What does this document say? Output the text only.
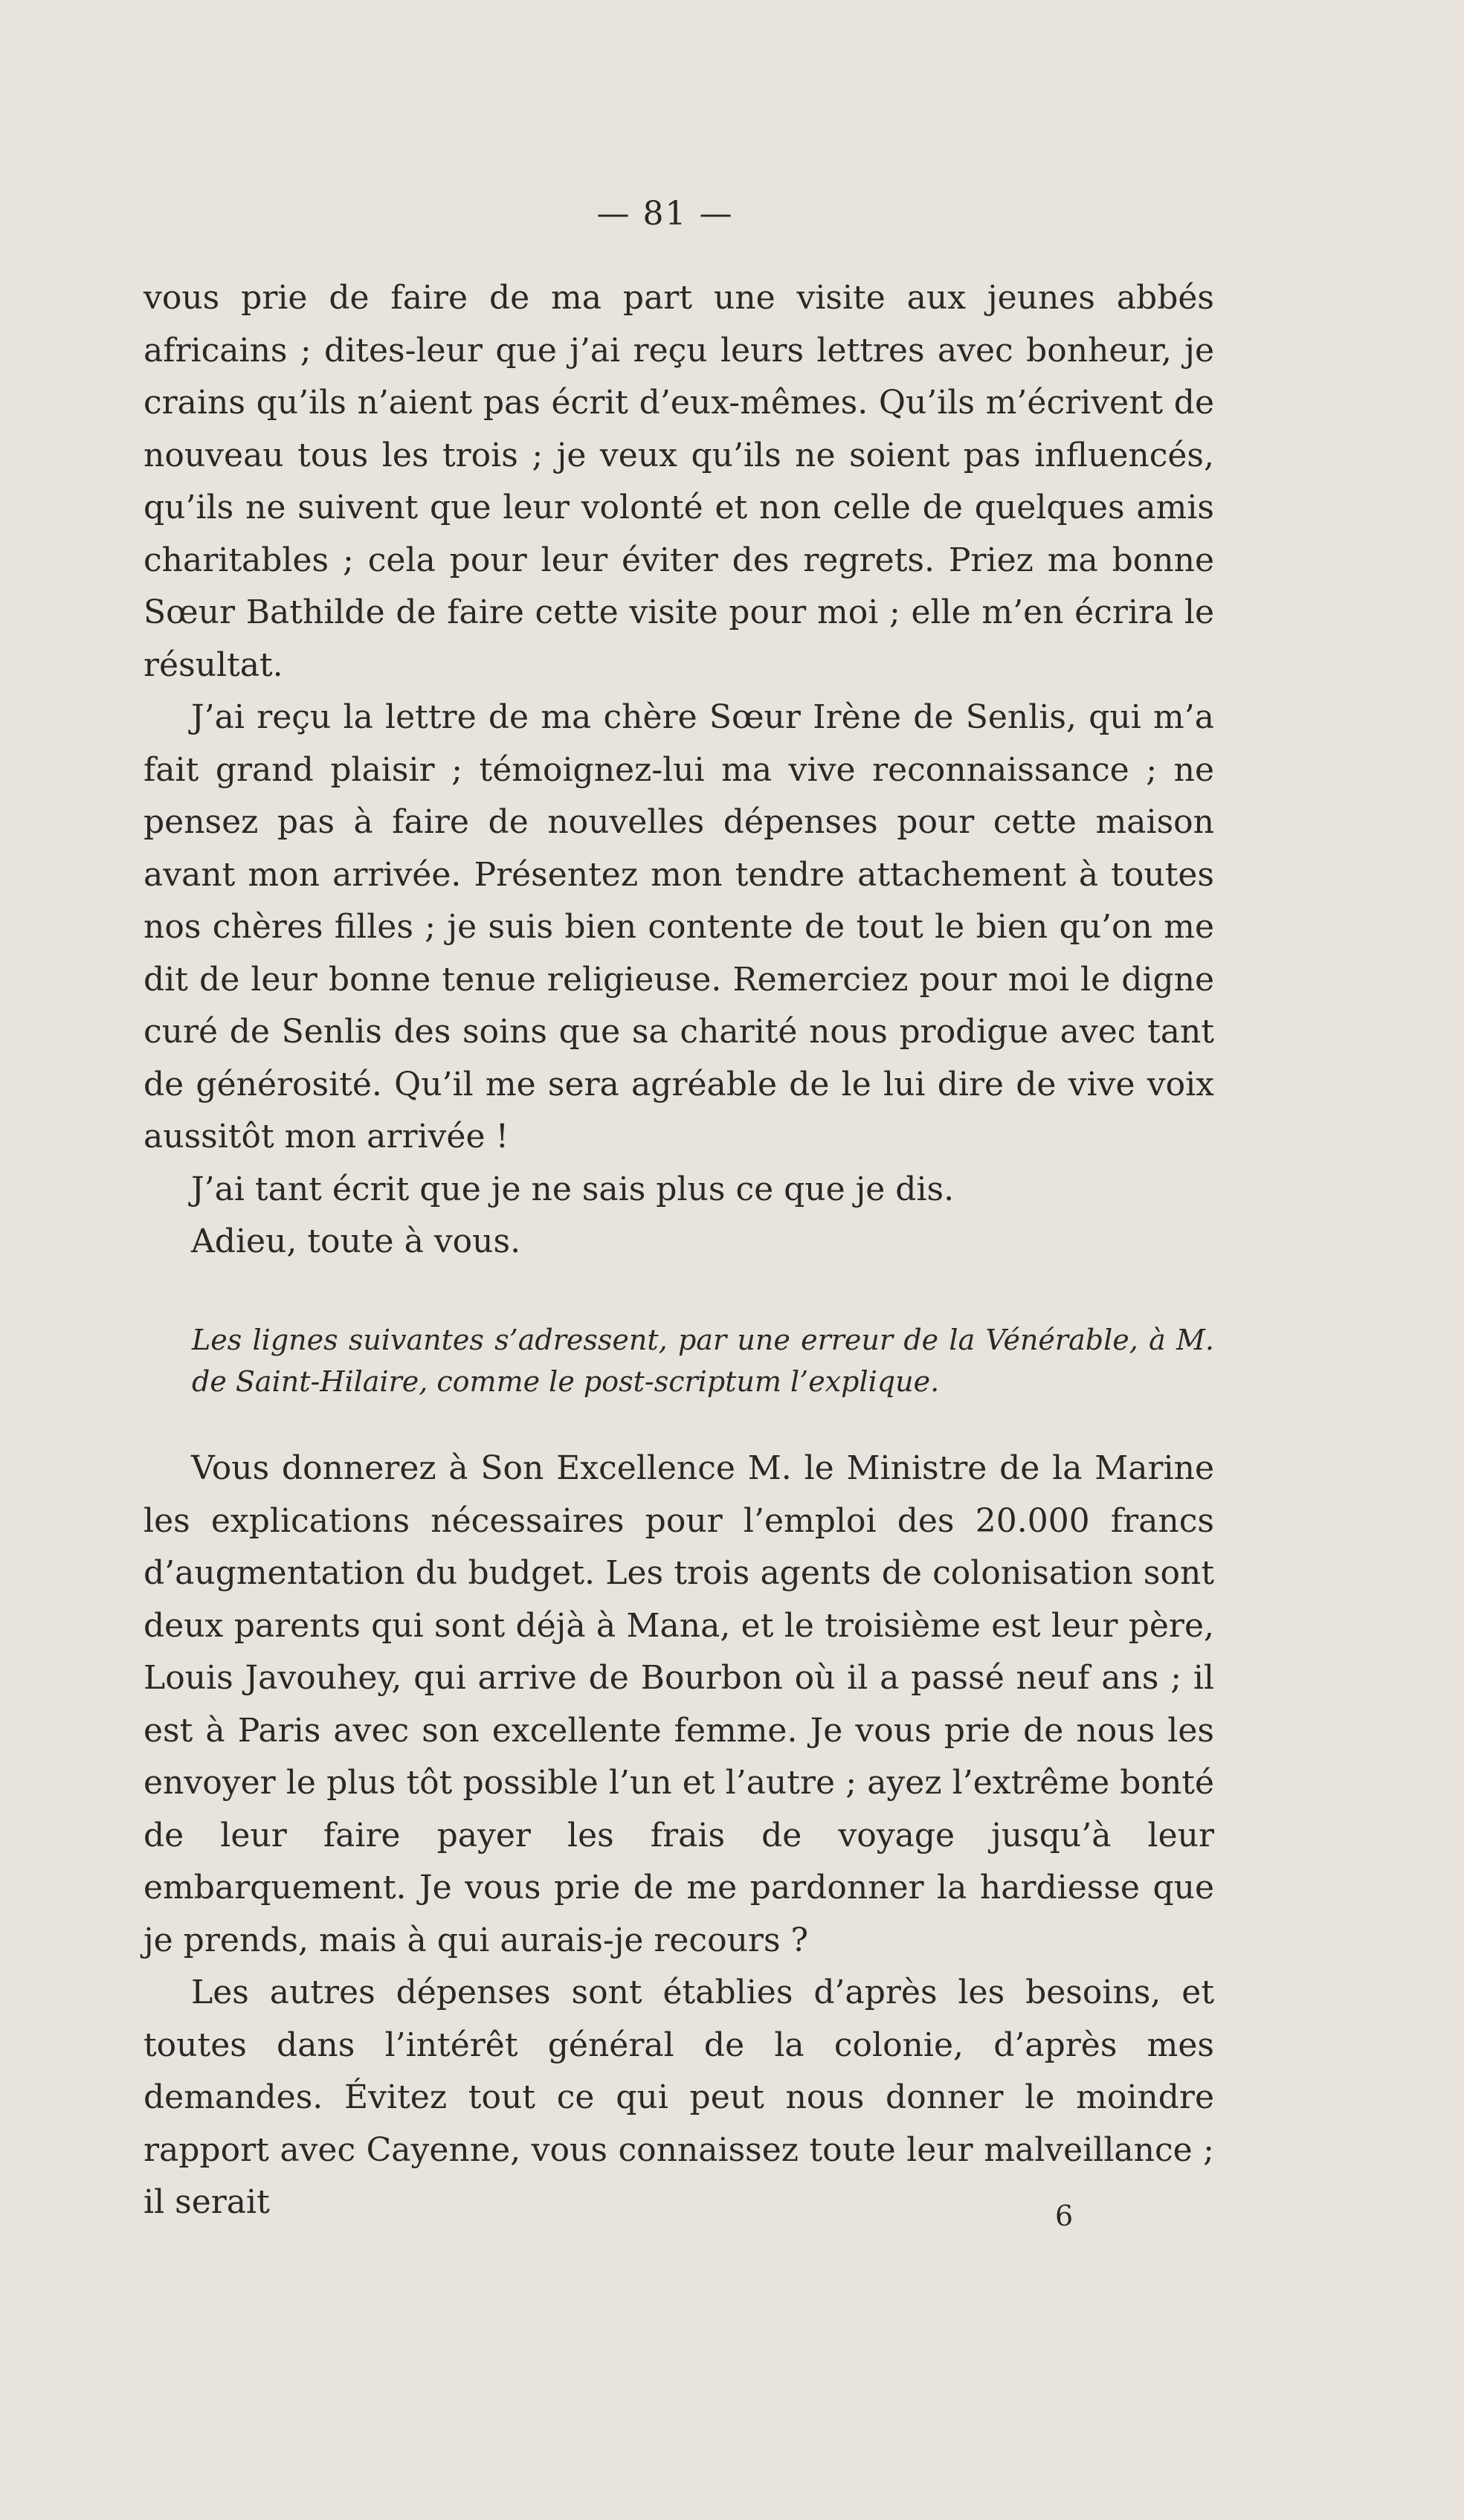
— 81 —

vous prie de faire de ma part une visite aux jeunes abbés africains ; dites-leur que j’ai reçu leurs lettres avec bonheur, je crains qu’ils n’aient pas écrit d’eux-mêmes. Qu’ils m’écrivent de nouveau tous les trois ; je veux qu’ils ne soient pas influencés, qu’ils ne suivent que leur volonté et non celle de quelques amis charitables ; cela pour leur éviter des regrets. Priez ma bonne Sœur Bathilde de faire cette visite pour moi ; elle m’en écrira le résultat.

J’ai reçu la lettre de ma chère Sœur Irène de Senlis, qui m’a fait grand plaisir ; témoignez-lui ma vive reconnaissance ; ne pensez pas à faire de nouvelles dépenses pour cette maison avant mon arrivée. Présentez mon tendre attachement à toutes nos chères filles ; je suis bien contente de tout le bien qu’on me dit de leur bonne tenue religieuse. Remerciez pour moi le digne curé de Senlis des soins que sa charité nous prodigue avec tant de générosité. Qu’il me sera agréable de le lui dire de vive voix aussitôt mon arrivée !

J’ai tant écrit que je ne sais plus ce que je dis.

Adieu, toute à vous.

Les lignes suivantes s’adressent, par une erreur de la Vénérable, à M. de Saint-Hilaire, comme le post-scriptum l’explique.

Vous donnerez à Son Excellence M. le Ministre de la Marine les explications nécessaires pour l’emploi des 20.000 francs d’augmentation du budget. Les trois agents de colonisation sont deux parents qui sont déjà à Mana, et le troisième est leur père, Louis Javouhey, qui arrive de Bourbon où il a passé neuf ans ; il est à Paris avec son excellente femme. Je vous prie de nous les envoyer le plus tôt possible l’un et l’autre ; ayez l’extrême bonté de leur faire payer les frais de voyage jusqu’à leur embarquement. Je vous prie de me pardonner la hardiesse que je prends, mais à qui aurais-je recours ?

Les autres dépenses sont établies d’après les besoins, et toutes dans l’intérêt général de la colonie, d’après mes demandes. Évitez tout ce qui peut nous donner le moindre rapport avec Cayenne, vous connaissez toute leur malveillance ; il serait	6
